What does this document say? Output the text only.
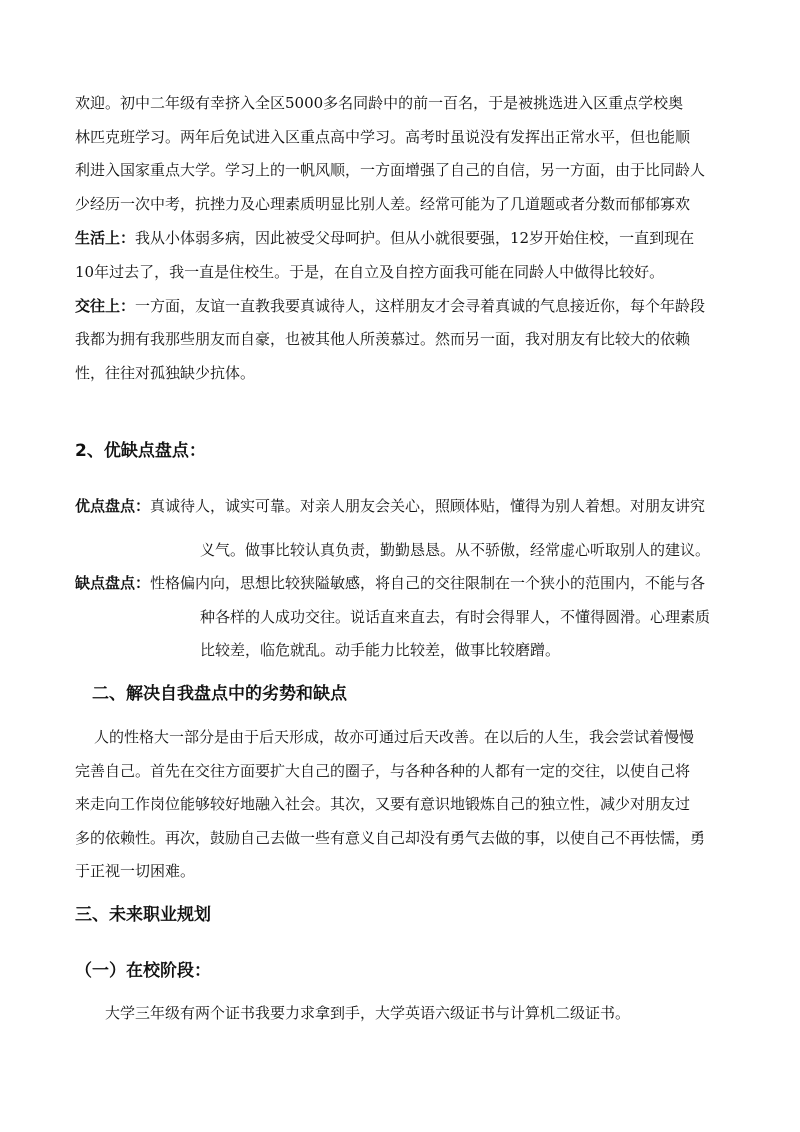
欢迎。初中二年级有幸挤入全区5000多名同龄中的前一百名，于是被挑选进入区重点学校奥
林匹克班学习。两年后免试进入区重点高中学习。高考时虽说没有发挥出正常水平，但也能顺
利进入国家重点大学。学习上的一帆风顺，一方面增强了自己的自信，另一方面，由于比同龄人
少经历一次中考，抗挫力及心理素质明显比别人差。经常可能为了几道题或者分数而郁郁寡欢
生活上：我从小体弱多病，因此被受父母呵护。但从小就很要强，12岁开始住校，一直到现在
10年过去了，我一直是住校生。于是，在自立及自控方面我可能在同龄人中做得比较好。
交往上：一方面，友谊一直教我要真诚待人，这样朋友才会寻着真诚的气息接近你，每个年龄段
我都为拥有我那些朋友而自豪，也被其他人所羡慕过。然而另一面，我对朋友有比较大的依赖
性，往往对孤独缺少抗体。
2、优缺点盘点：
优点盘点：真诚待人，诚实可靠。对亲人朋友会关心，照顾体贴，懂得为别人着想。对朋友讲究
义气。做事比较认真负责，勤勤恳恳。从不骄傲，经常虚心听取别人的建议。
缺点盘点：性格偏内向，思想比较狭隘敏感，将自己的交往限制在一个狭小的范围内，不能与各
种各样的人成功交往。说话直来直去，有时会得罪人，不懂得圆滑。心理素质
比较差，临危就乱。动手能力比较差，做事比较磨蹭。
二、解决自我盘点中的劣势和缺点
人的性格大一部分是由于后天形成，故亦可通过后天改善。在以后的人生，我会尝试着慢慢
完善自己。首先在交往方面要扩大自己的圈子，与各种各种的人都有一定的交往，以使自己将
来走向工作岗位能够较好地融入社会。其次，又要有意识地锻炼自己的独立性，减少对朋友过
多的依赖性。再次，鼓励自己去做一些有意义自己却没有勇气去做的事，以使自己不再怯懦，勇
于正视一切困难。
三、未来职业规划
（一）在校阶段：
大学三年级有两个证书我要力求拿到手，大学英语六级证书与计算机二级证书。
